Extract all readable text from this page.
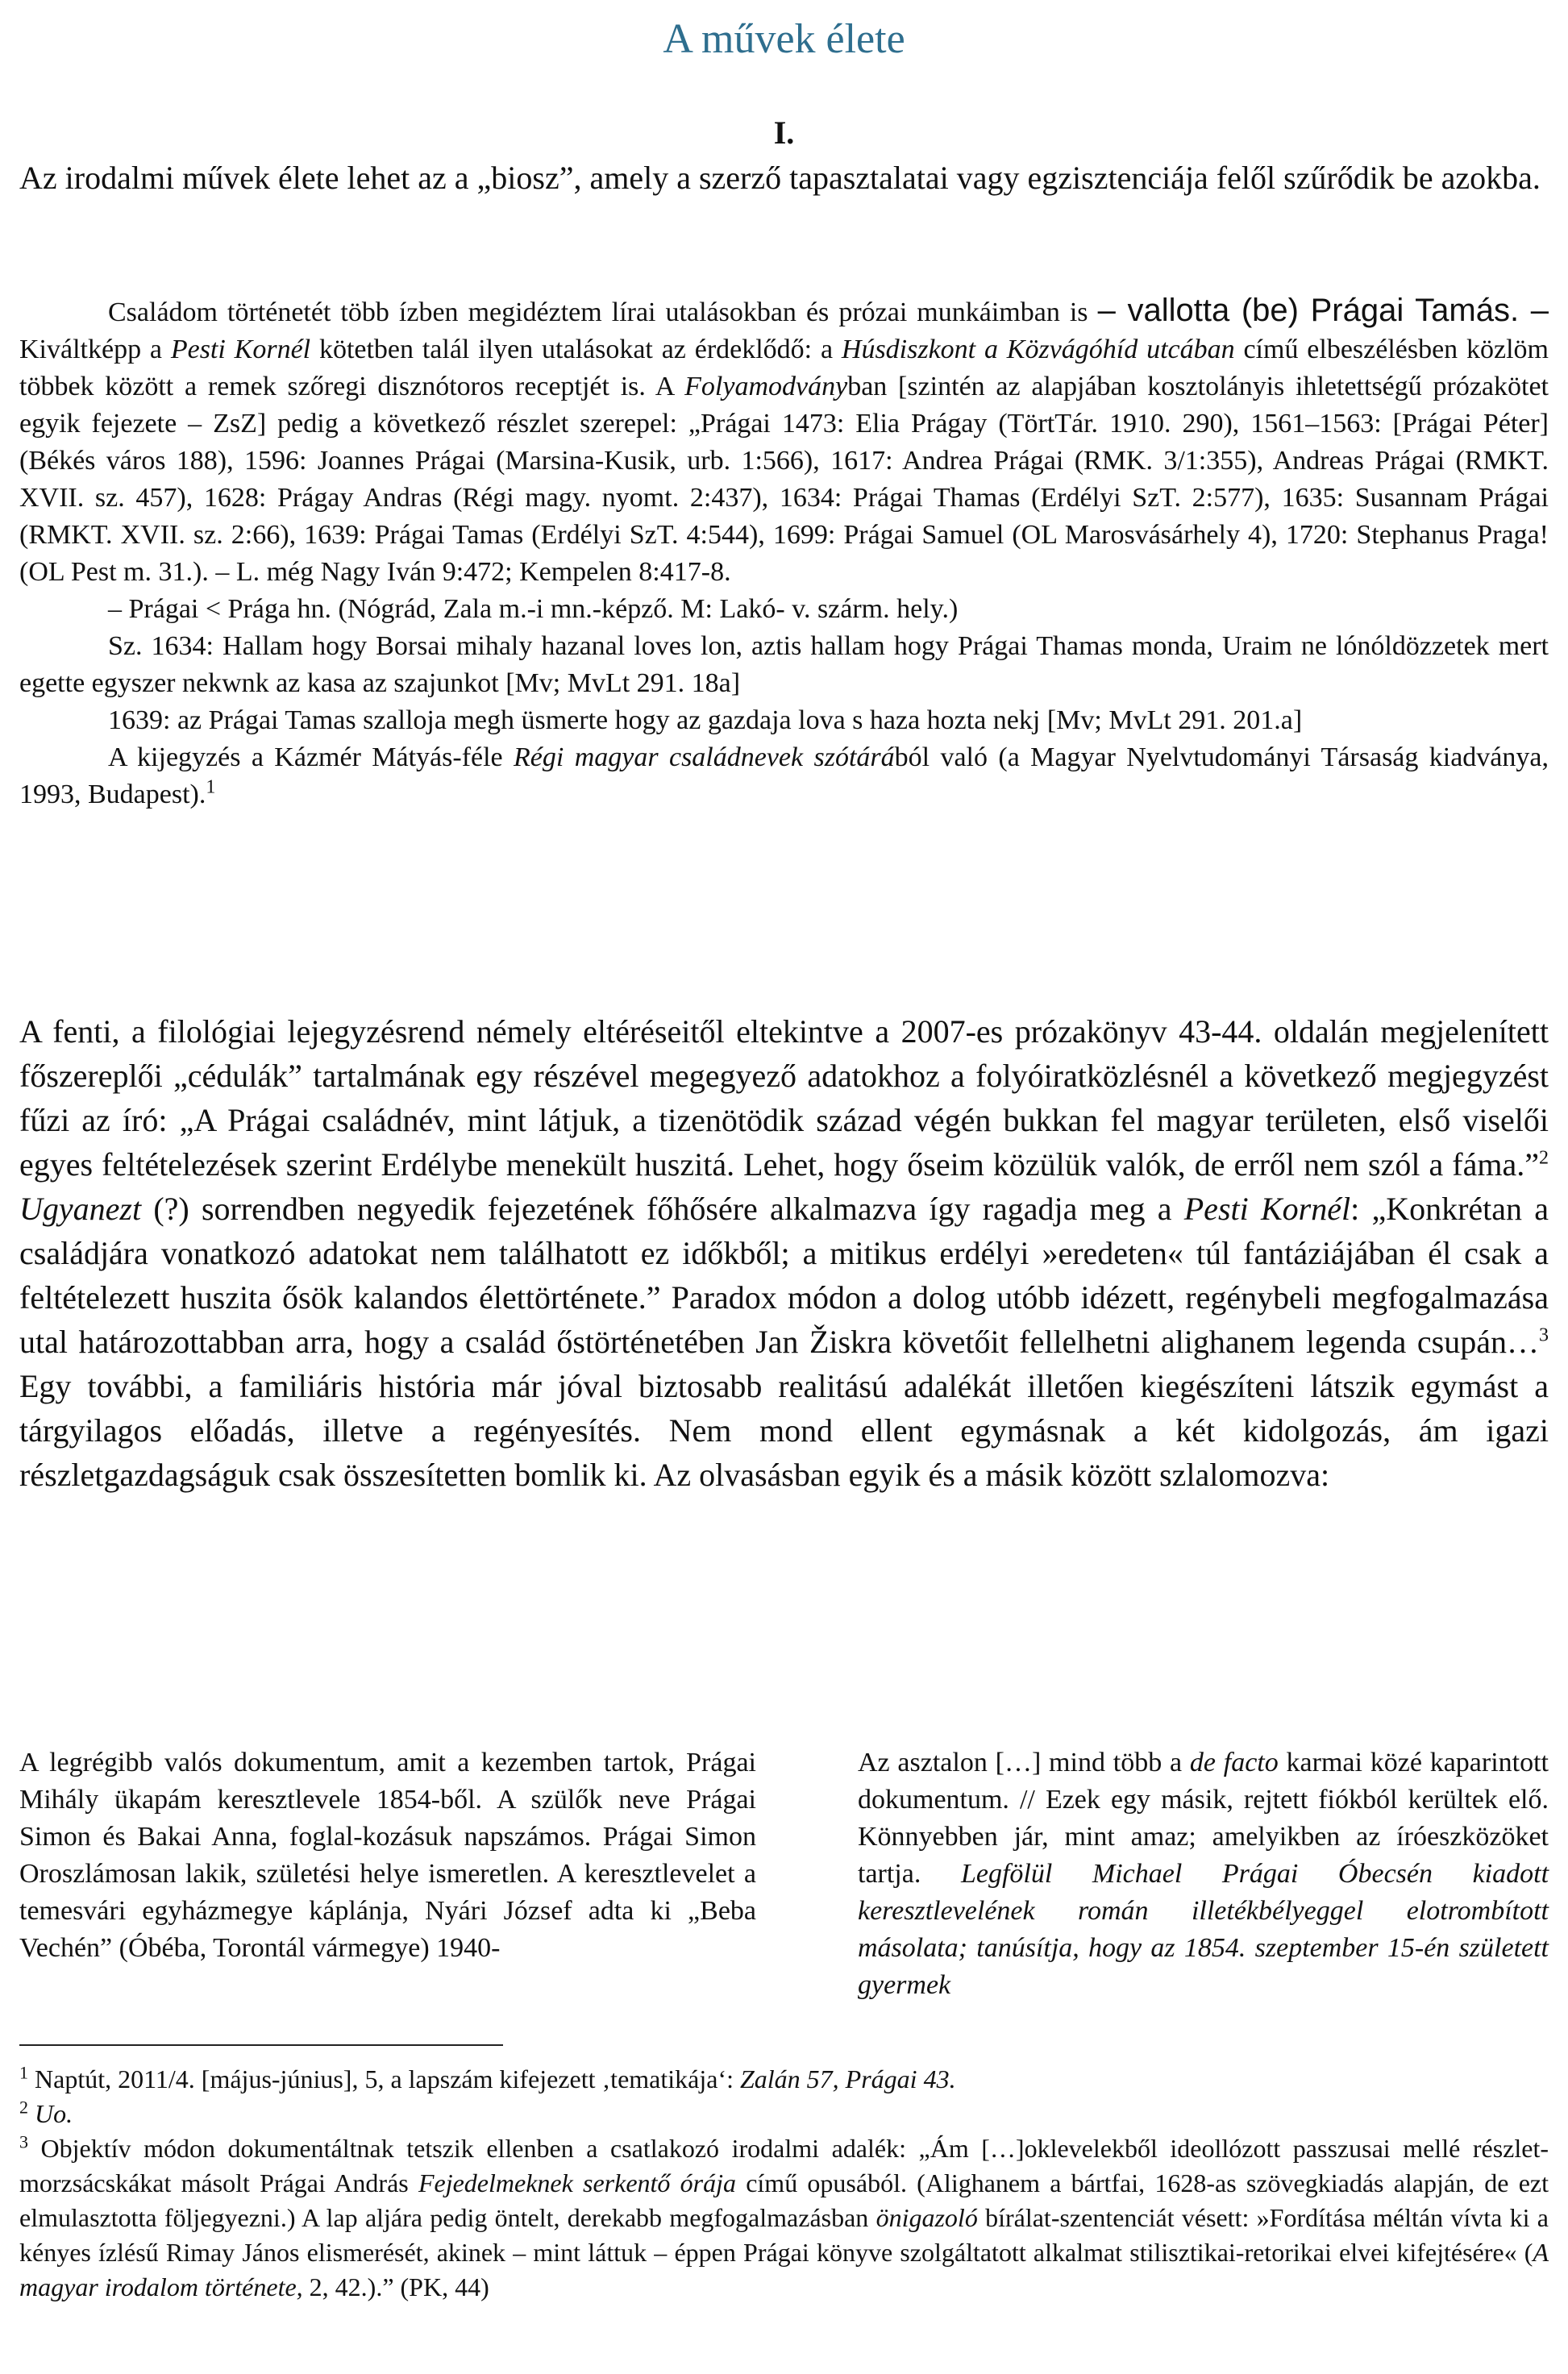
A művek élete
I.
Az irodalmi művek élete lehet az a „biosz”, amely a szerző tapasztalatai vagy egzisztenciája felől szűrődik be azokba.

Családom történetét több ízben megidéztem lírai utalásokban és prózai munkáimban is – vallotta (be) Prágai Tamás. – Kiváltképp a Pesti Kornél kötetben talál ilyen utalásokat az érdeklődő: a Húsdiszkont a Közvágóhíd utcában című elbeszélésben közlöm többek között a remek szőregi disznótoros receptjét is. A Folyamodványban [szintén az alapjában kosztolányis ihletettségű prózakötet egyik fejezete – ZsZ] pedig a következő részlet szerepel: „Prágai 1473: Elia Prágay (TörtTár. 1910. 290), 1561–1563: [Prágai Péter] (Békés város 188), 1596: Joannes Prágai (Marsina-Kusik, urb. 1:566), 1617: Andrea Prágai (RMK. 3/1:355), Andreas Prágai (RMKT. XVII. sz. 457), 1628: Prágay Andras (Régi magy. nyomt. 2:437), 1634: Prágai Thamas (Erdélyi SzT. 2:577), 1635: Susannam Prágai (RMKT. XVII. sz. 2:66), 1639: Prágai Tamas (Erdélyi SzT. 4:544), 1699: Prágai Samuel (OL Marosvásárhely 4), 1720: Stephanus Praga! (OL Pest m. 31.). – L. még Nagy Iván 9:472; Kempelen 8:417-8.

– Prágai < Prága hn. (Nógrád, Zala m.-i mn.-képző. M: Lakó- v. szárm. hely.)

Sz. 1634: Hallam hogy Borsai mihaly hazanal loves lon, aztis hallam hogy Prágai Thamas monda, Uraim ne lónóldözzetek mert egette egyszer nekwnk az kasa az szajunkot [Mv; MvLt 291. 18a]

1639: az Prágai Tamas szalloja megh üsmerte hogy az gazdaja lova s haza hozta nekj [Mv; MvLt 291. 201.a]

A kijegyzés a Kázmér Mátyás-féle Régi magyar családnevek szótárából való (a Magyar Nyelvtudományi Társaság kiadványa, 1993, Budapest).$^1$

A fenti, a filológiai lejegyzésrend némely eltéréseitől eltekintve a 2007-es prózakönyv 43-44. oldalán megjelenített főszereplői „cédulák” tartalmának egy részével megegyező adatokhoz a folyóiratközlésnél a következő megjegyzést fűzi az író: „A Prágai családnév, mint látjuk, a tizenötödik század végén bukkan fel magyar területen, első viselői egyes feltételezések szerint Erdélybe menekült huszitá. Lehet, hogy őseim közülük valók, de erről nem szól a fáma.”$^2$ Ugyanezt (?) sorrendben negyedik fejezetének főhősére alkalmazva így ragadja meg a Pesti Kornél: „Konkrétan a családjára vonatkozó adatokat nem találhatott ez időkből; a mitikus erdélyi »eredeten« túl fantáziájában él csak a feltételezett huszita ősök kalandos élettörténete.” Paradox módon a dolog utóbb idézett, regénybeli megfogalmazása utal határozottabban arra, hogy a család őstörténetében Jan Žiskra követőit fellelhetni alighanem legenda csupán…$^3$ Egy további, a familiáris história már jóval biztosabb realitású adalékát illetően kiegészíteni látszik egymást a tárgyilagos előadás, illetve a regényesítés. Nem mond ellent egymásnak a két kidolgozás, ám igazi részletgazdagságuk csak összesítetten bomlik ki. Az olvasásban egyik és a másik között szlalomozva:

A legrégibb valós dokumentum, amit a kezemben tartok, Prágai Mihály ükapám keresztlevele 1854-ből. A szülők neve Prágai Simon és Bakai Anna, foglal-kozásuk napszámos. Prágai Simon Oroszlámosan lakik, születési helye ismeretlen. A keresztlevelet a temesvári egyházmegye káplánja, Nyári József adta ki „Beba Vechén” (Óbéba, Torontál vármegye) 1940-
Az asztalon […] mind több a de facto karmai közé kaparintott dokumentum. // Ezek egy másik, rejtett fiókból kerültek elő. Könnyebben jár, mint amaz; amelyikben az íróeszközöket tartja. Legfölül Michael Prágai Óbecsén kiadott keresztlevelének román illetékbélyeggel elotrombított másolata; tanúsítja, hogy az 1854. szeptember 15-én született gyermek

$^1$ Naptút, 2011/4. [május-június], 5, a lapszám kifejezett ‚tematikája‘: Zalán 57, Prágai 43.

$^2$ Uo.

$^3$ Objektív módon dokumentáltnak tetszik ellenben a csatlakozó irodalmi adalék: „Ám […]oklevelekből ideollózott passzusai mellé részlet-morzsácskákat másolt Prágai András Fejedelmeknek serkentő órája című opusából. (Alighanem a bártfai, 1628-as szövegkiadás alapján, de ezt elmulasztotta följegyezni.) A lap aljára pedig öntelt, derekabb megfogalmazásban önigazoló bírálat-szentenciát vésett: »Fordítása méltán vívta ki a kényes ízlésű Rimay János elismerését, akinek – mint láttuk – éppen Prágai könyve szolgáltatott alkalmat stilisztikai-retorikai elvei kifejtésére« (A magyar irodalom története, 2, 42.).” (PK, 44)
